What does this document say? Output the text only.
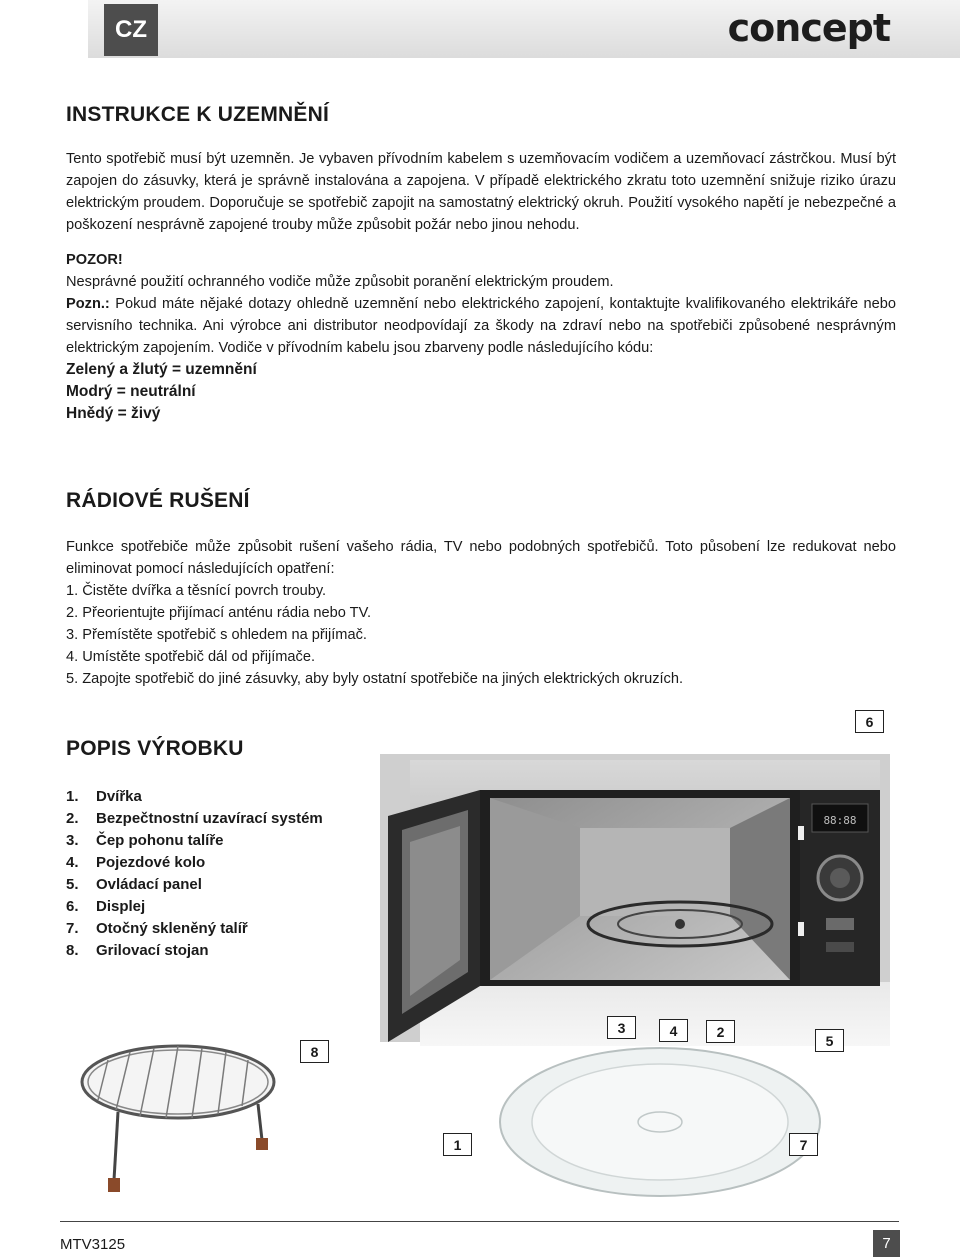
CZ	concept
INSTRUKCE K UZEMNĚNÍ

Tento spotřebič musí být uzemněn. Je vybaven přívodním kabelem s uzemňovacím vodičem a uzemňovací zástrčkou. Musí být zapojen do zásuvky, která je správně instalována a zapojena. V případě elektrického zkratu toto uzemnění snižuje riziko úrazu elektrickým proudem. Doporučuje se spotřebič zapojit na samostatný elektrický okruh. Použití vysokého napětí je nebezpečné a poškození nesprávně zapojené trouby může způsobit požár nebo jinou nehodu.

POZOR!

Nesprávné použití ochranného vodiče může způsobit poranění elektrickým proudem.

Pozn.: Pokud máte nějaké dotazy ohledně uzemnění nebo elektrického zapojení, kontaktujte kvalifikovaného elektrikáře nebo servisního technika. Ani výrobce ani distributor neodpovídají za škody na zdraví nebo na spotřebiči způsobené nesprávným elektrickým zapojením. Vodiče v přívodním kabelu jsou zbarveny podle následujícího kódu:

Zelený a žlutý = uzemnění

Modrý = neutrální

Hnědý = živý

RÁDIOVÉ RUŠENÍ

Funkce spotřebiče může způsobit rušení vašeho rádia, TV nebo podobných spotřebičů. Toto působení lze redukovat nebo eliminovat pomocí následujících opatření:

1. Čistěte dvířka a těsnící povrch trouby.

2. Přeorientujte přijímací anténu rádia nebo TV.

3. Přemístěte spotřebič s ohledem na přijímač.

4. Umístěte spotřebič dál od přijímače.

5. Zapojte spotřebič do jiné zásuvky, aby byly ostatní spotřebiče na jiných elektrických okruzích.

POPIS VÝROBKU
1. Dvířka
2. Bezpečtnostní uzavírací systém
3. Čep pohonu talíře
4. Pojezdové kolo
5. Ovládací panel
6. Displej
7. Otočný skleněný talíř
8. Grilovací stojan
88:88
6
8
3	4	2
5
1	7
MTV3125	7
